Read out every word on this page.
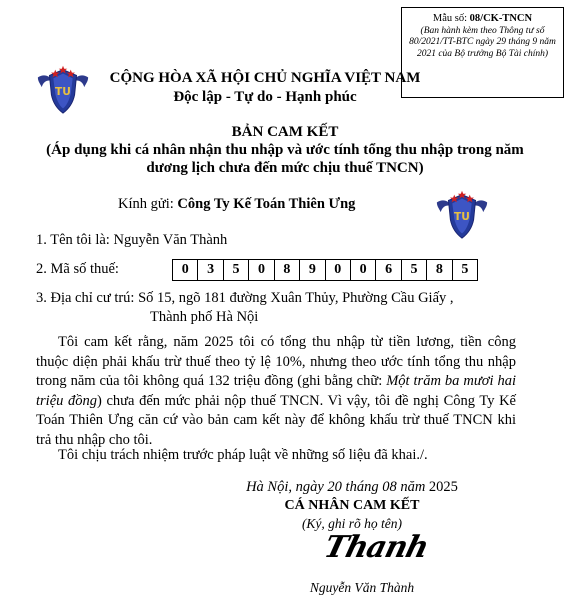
Mẫu số: 08/CK-TNCN
(Ban hành kèm theo Thông tư số 80/2021/TT-BTC ngày 29 tháng 9 năm 2021 của Bộ trưởng Bộ Tài chính)
TU
TU
CỘNG HÒA XÃ HỘI CHỦ NGHĨA VIỆT NAM
Độc lập - Tự do - Hạnh phúc
BẢN CAM KẾT
(Áp dụng khi cá nhân nhận thu nhập và ước tính tổng thu nhập trong năm
dương lịch chưa đến mức chịu thuế TNCN)
Kính gửi: Công Ty Kế Toán Thiên Ưng
1. Tên tôi là: Nguyễn Văn Thành
2. Mã số thuế:	0	3	5	0	8	9	0	0	6	5	8	5
3. Địa chỉ cư trú: Số 15, ngõ 181 đường Xuân Thủy, Phường Cầu Giấy ,
Thành phố Hà Nội
Tôi cam kết rằng, năm 2025 tôi có tổng thu nhập từ tiền lương, tiền công thuộc diện phải khấu trừ thuế theo tỷ lệ 10%, nhưng theo ước tính tổng thu nhập trong năm của tôi không quá 132 triệu đồng (ghi bằng chữ: Một trăm ba mươi hai triệu đồng) chưa đến mức phải nộp thuế TNCN. Vì vậy, tôi đề nghị Công Ty Kế Toán Thiên Ưng căn cứ vào bản cam kết này để không khấu trừ thuế TNCN khi trả thu nhập cho tôi.
Tôi chịu trách nhiệm trước pháp luật về những số liệu đã khai./.
Hà Nội, ngày 20 tháng 08 năm 2025
CÁ NHÂN CAM KẾT
(Ký, ghi rõ họ tên)
Thanh
Nguyễn Văn Thành
